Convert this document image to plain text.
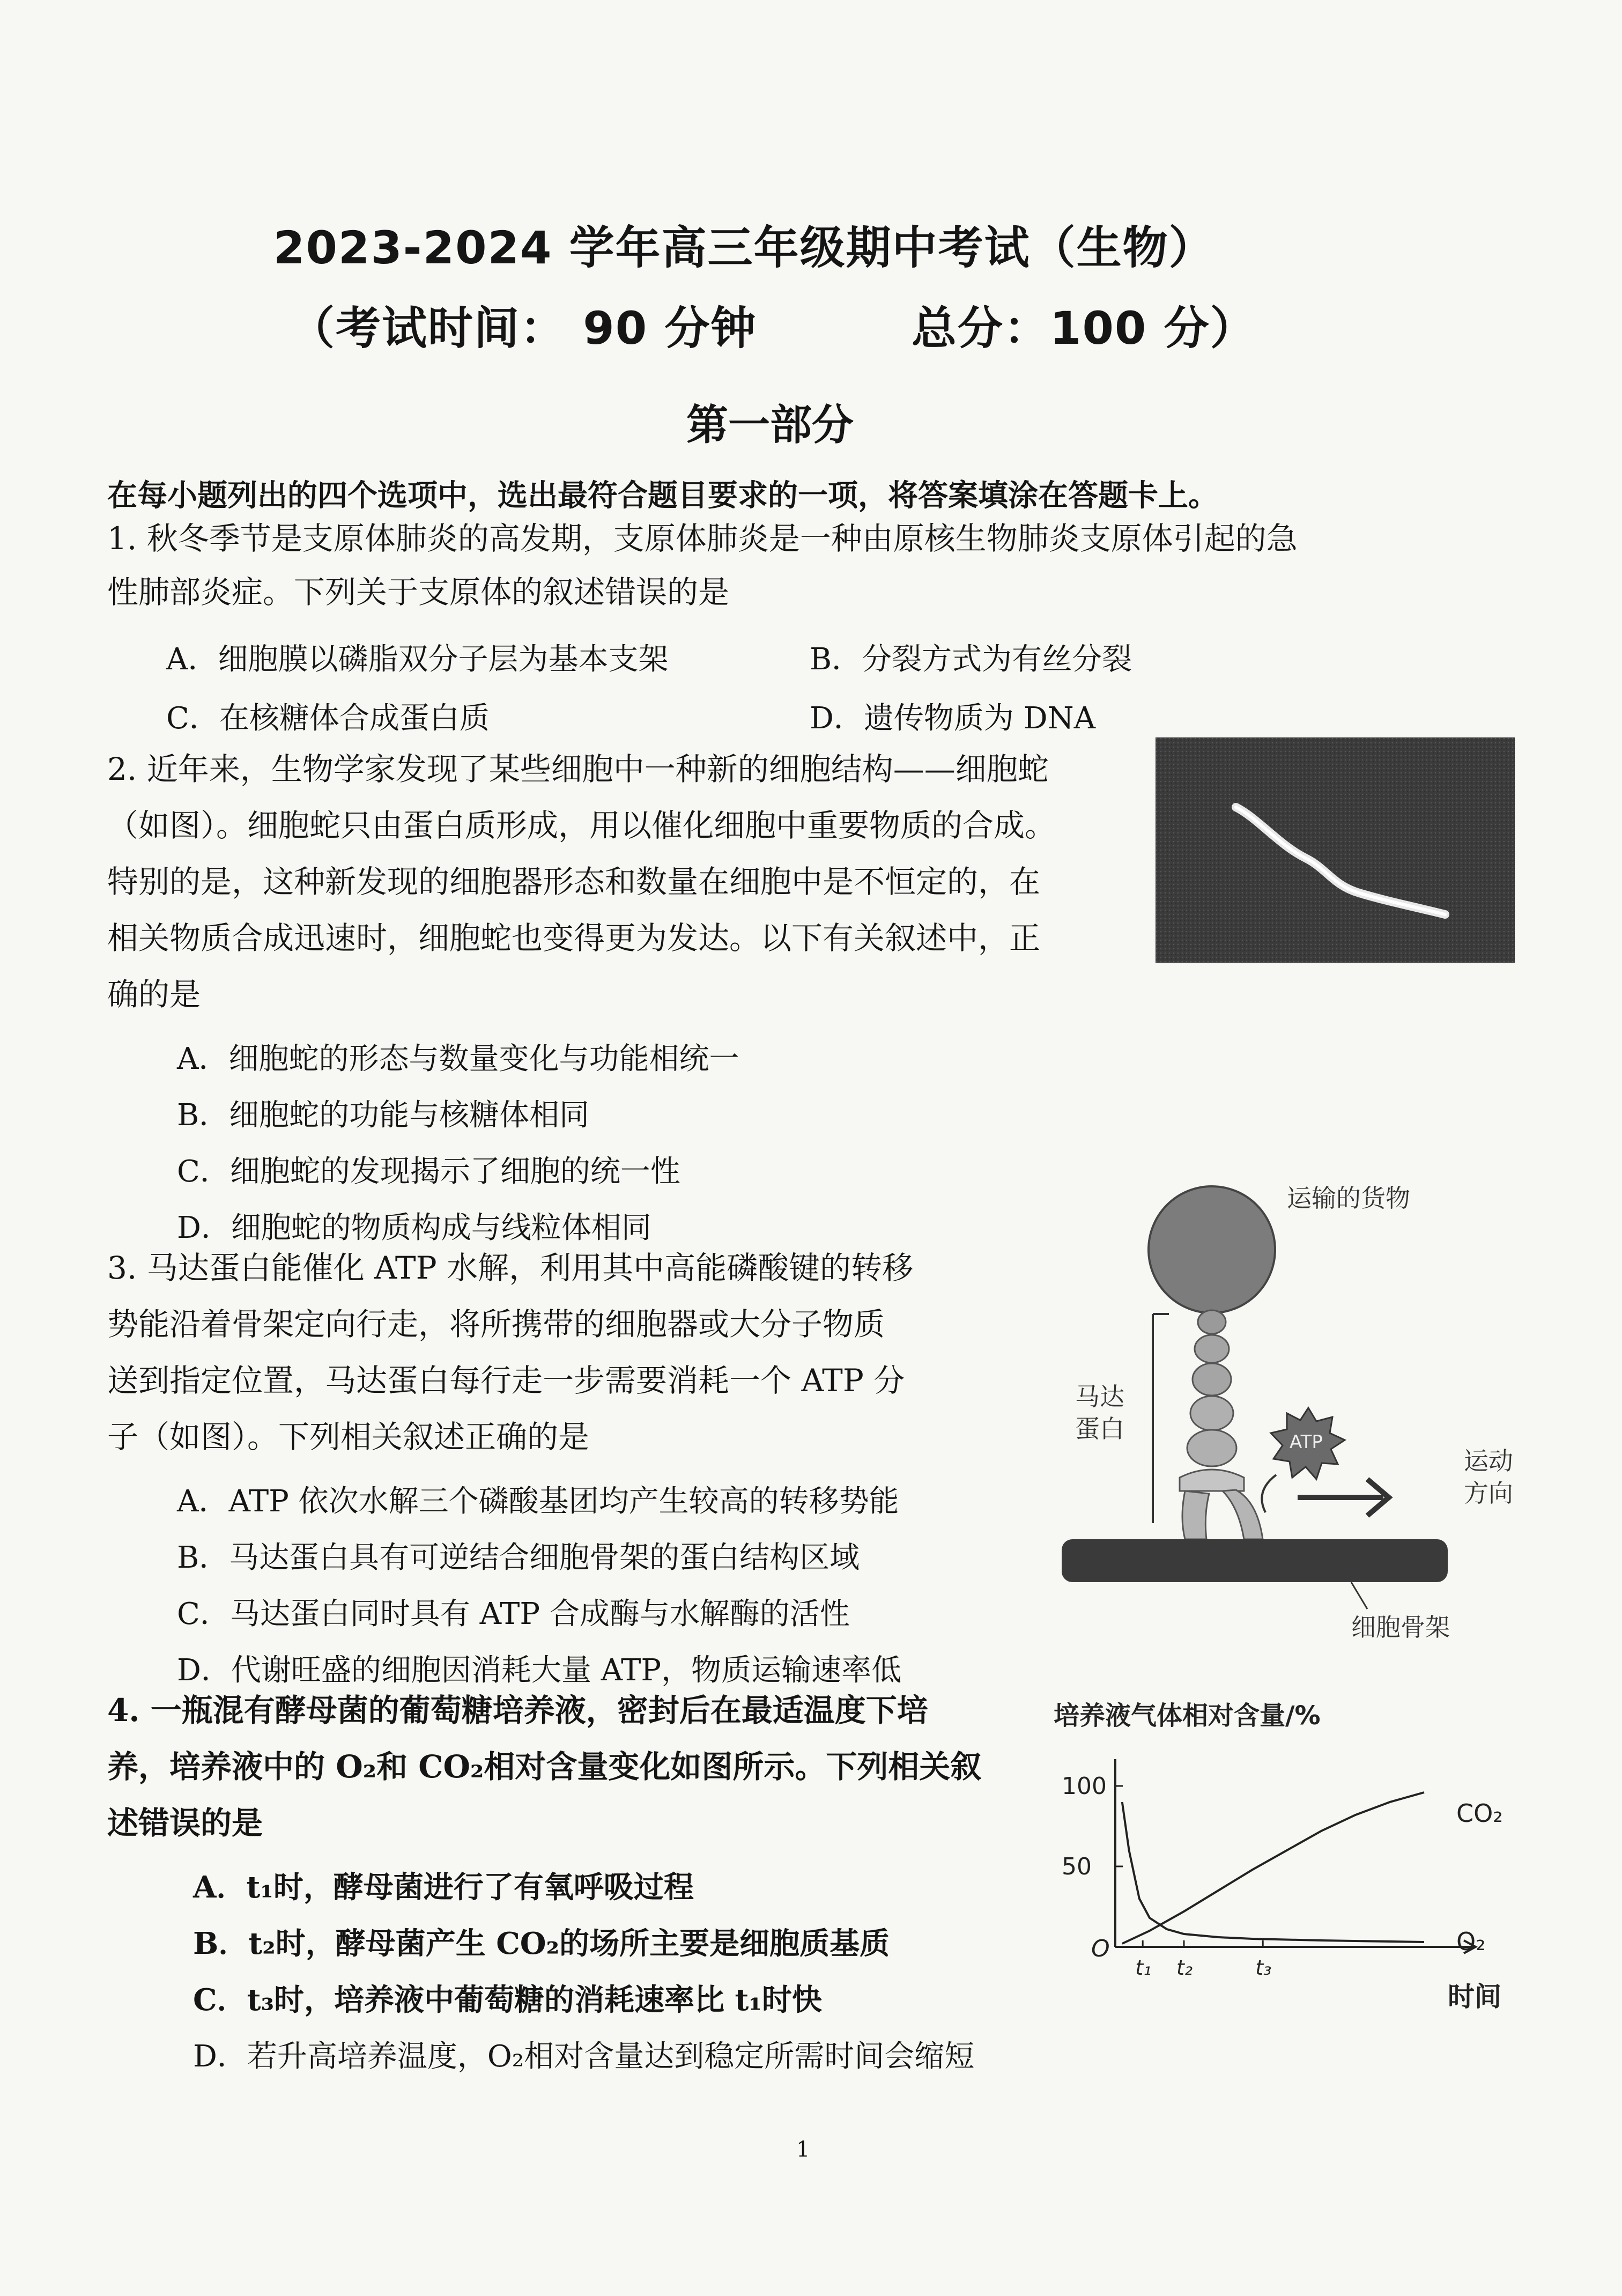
2023-2024 学年高三年级期中考试（生物）
（考试时间： 90 分钟	总分：100 分）
第一部分
在每小题列出的四个选项中，选出最符合题目要求的一项，将答案填涂在答题卡上。
1. 秋冬季节是支原体肺炎的高发期，支原体肺炎是一种由原核生物肺炎支原体引起的急
性肺部炎症。下列关于支原体的叙述错误的是
A．细胞膜以磷脂双分子层为基本支架	B．分裂方式为有丝分裂
C．在核糖体合成蛋白质	D．遗传物质为 DNA
2. 近年来，生物学家发现了某些细胞中一种新的细胞结构——细胞蛇
（如图）。细胞蛇只由蛋白质形成，用以催化细胞中重要物质的合成。
特别的是，这种新发现的细胞器形态和数量在细胞中是不恒定的，在
相关物质合成迅速时，细胞蛇也变得更为发达。以下有关叙述中，正
确的是
A．细胞蛇的形态与数量变化与功能相统一
B．细胞蛇的功能与核糖体相同
C．细胞蛇的发现揭示了细胞的统一性
D．细胞蛇的物质构成与线粒体相同
3. 马达蛋白能催化 ATP 水解，利用其中高能磷酸键的转移
势能沿着骨架定向行走，将所携带的细胞器或大分子物质
送到指定位置，马达蛋白每行走一步需要消耗一个 ATP 分
子（如图）。下列相关叙述正确的是
A．ATP 依次水解三个磷酸基团均产生较高的转移势能
B．马达蛋白具有可逆结合细胞骨架的蛋白结构区域
C．马达蛋白同时具有 ATP 合成酶与水解酶的活性
D．代谢旺盛的细胞因消耗大量 ATP，物质运输速率低
运输的货物
ATP
运动
方向
马达
蛋白
细胞骨架
4. 一瓶混有酵母菌的葡萄糖培养液，密封后在最适温度下培
养，培养液中的 O₂和 CO₂相对含量变化如图所示。下列相关叙
述错误的是
A．t₁时，酵母菌进行了有氧呼吸过程
B．t₂时，酵母菌产生 CO₂的场所主要是细胞质基质
C．t₃时，培养液中葡萄糖的消耗速率比 t₁时快
D．若升高培养温度，O₂相对含量达到稳定所需时间会缩短
培养液气体相对含量/%
O
100
50
t₁ t₂	t₃
时间
CO₂
O₂
1
